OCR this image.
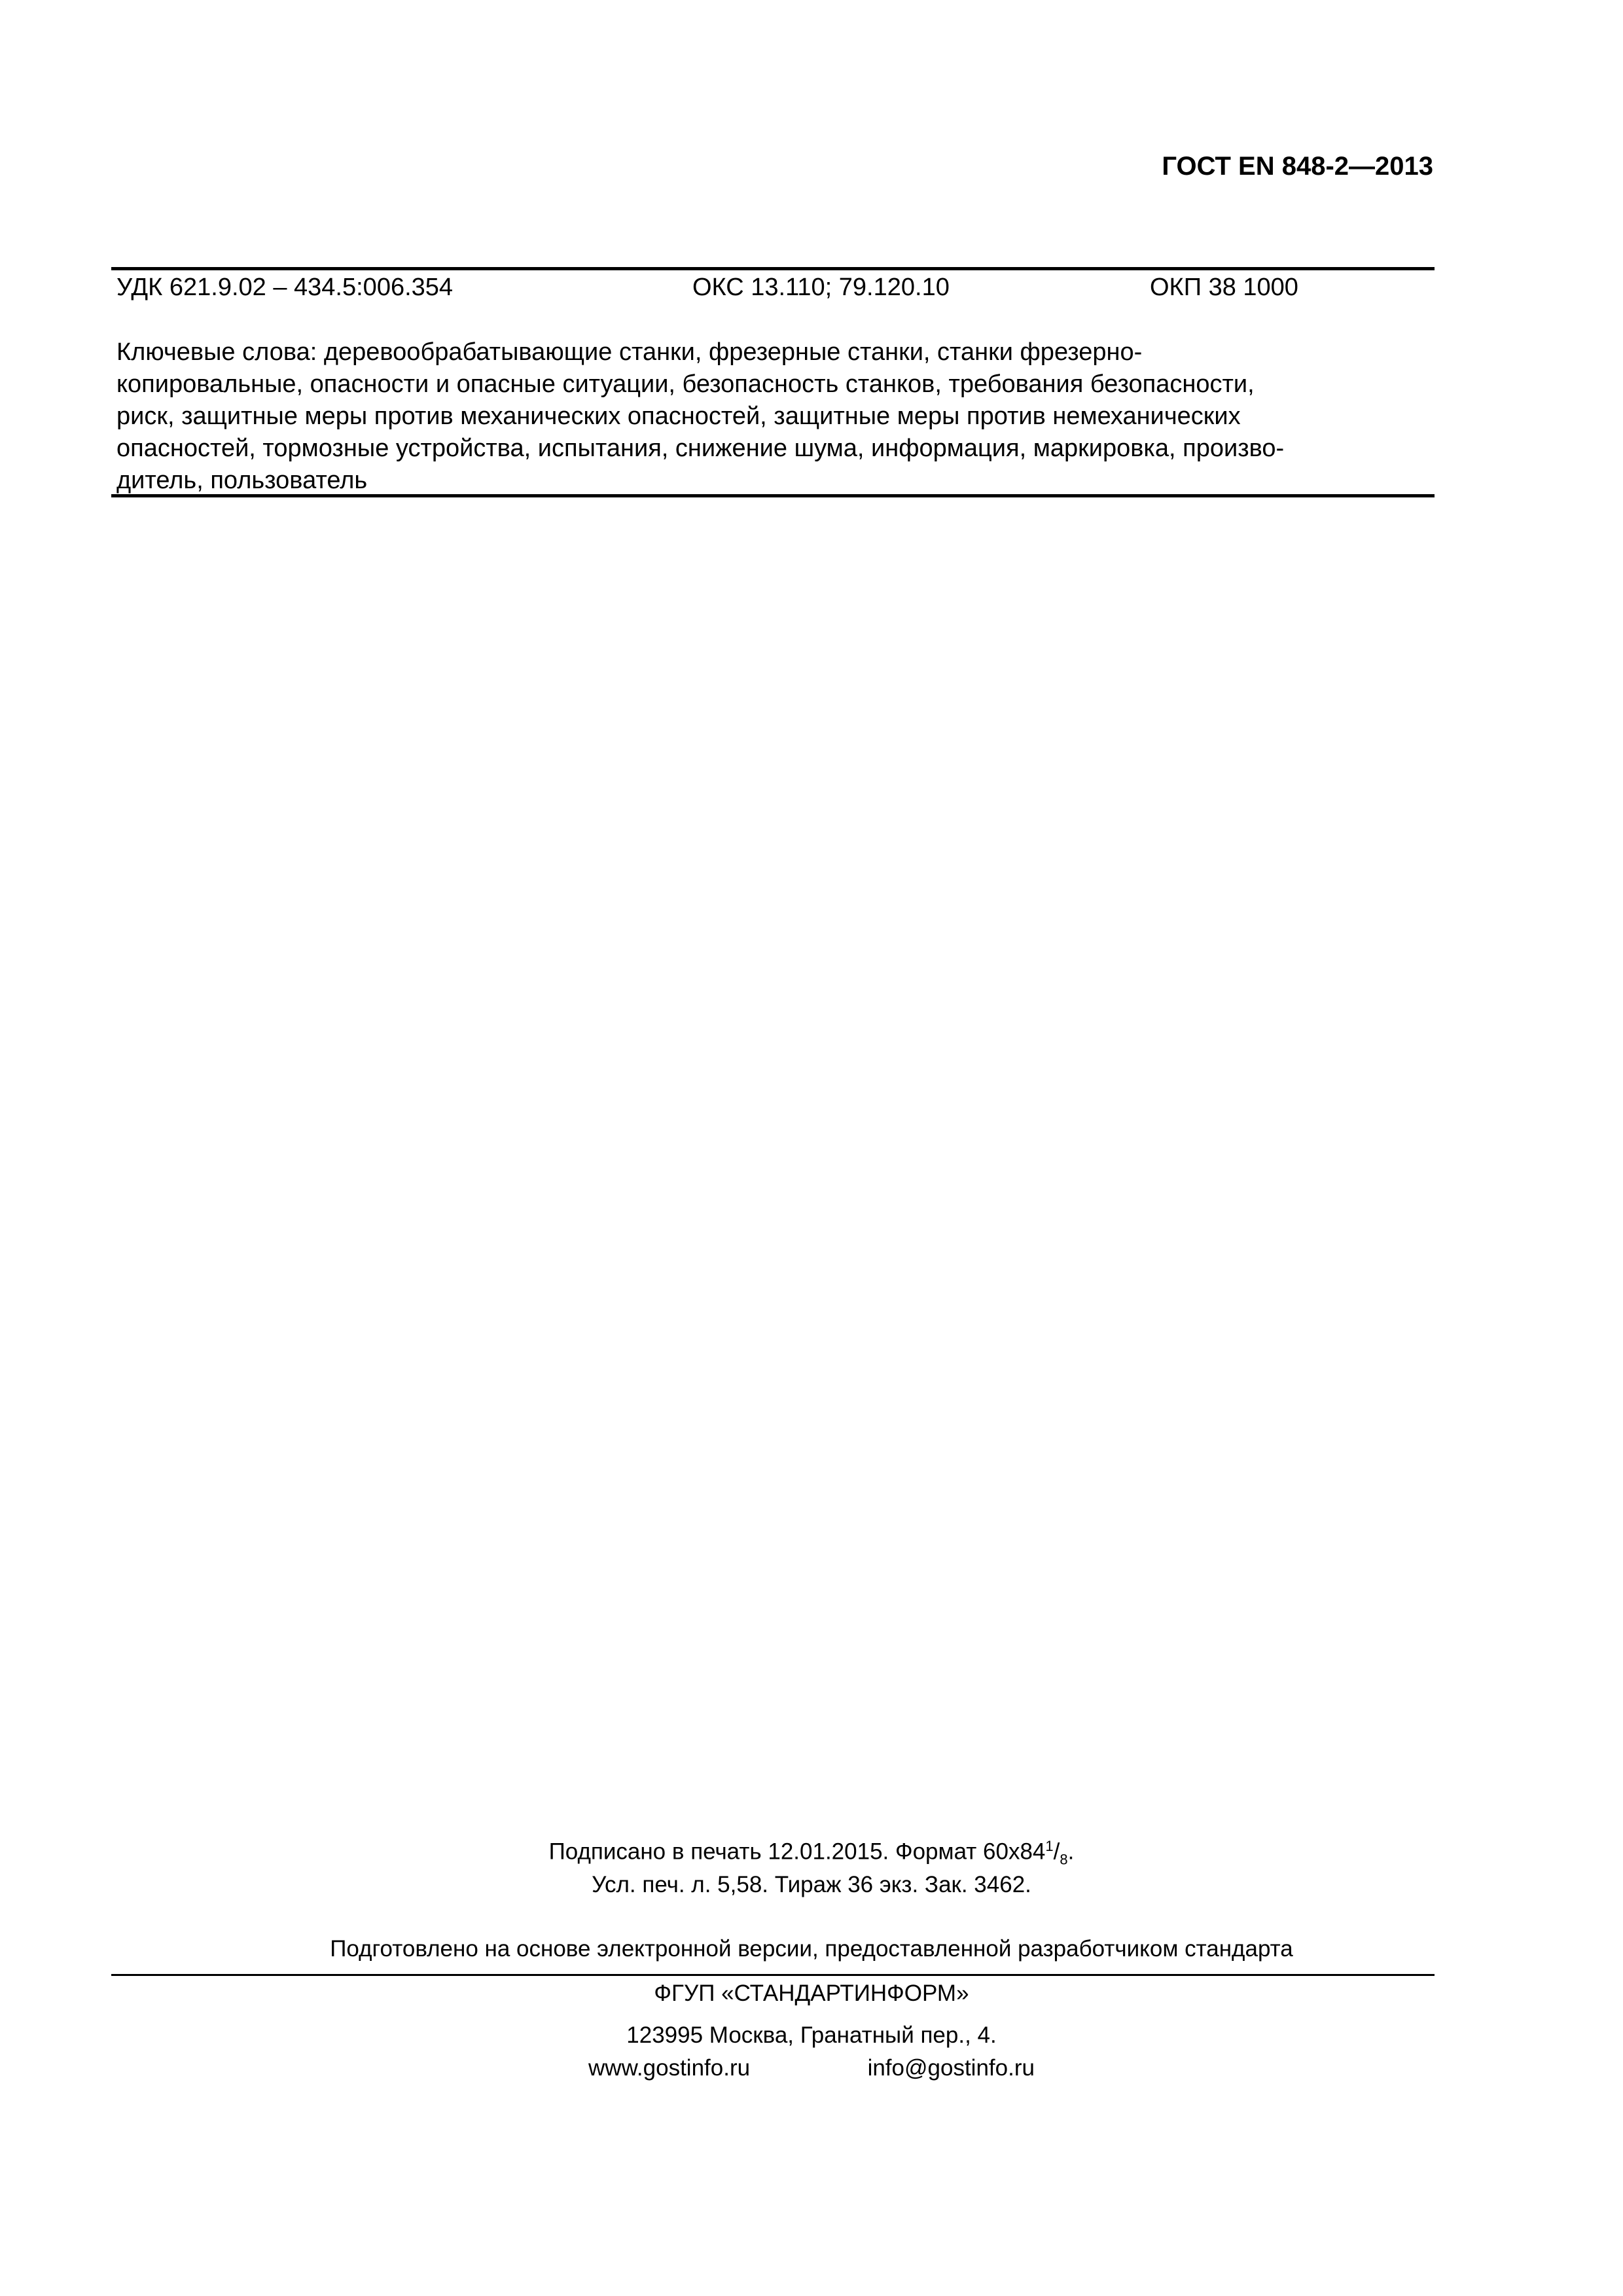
ГОСТ EN 848-2—2013
УДК 621.9.02 – 434.5:006.354	ОКС 13.110; 79.120.10	ОКП 38 1000
Ключевые слова: деревообрабатывающие станки, фрезерные станки, станки фрезерно-
копировальные, опасности и опасные ситуации, безопасность станков, требования безопасности,
риск, защитные меры против механических опасностей, защитные меры против немеханических
опасностей, тормозные устройства, испытания, снижение шума, информация, маркировка, произво-
дитель, пользователь
Подписано в печать 12.01.2015. Формат $60x84^1/_8$.
Усл. печ. л. 5,58. Тираж 36 экз. Зак. 3462.
Подготовлено на основе электронной версии, предоставленной разработчиком стандарта
ФГУП «СТАНДАРТИНФОРМ»
123995 Москва, Гранатный пер., 4.
www.gostinfo.ru	info@gostinfo.ru
